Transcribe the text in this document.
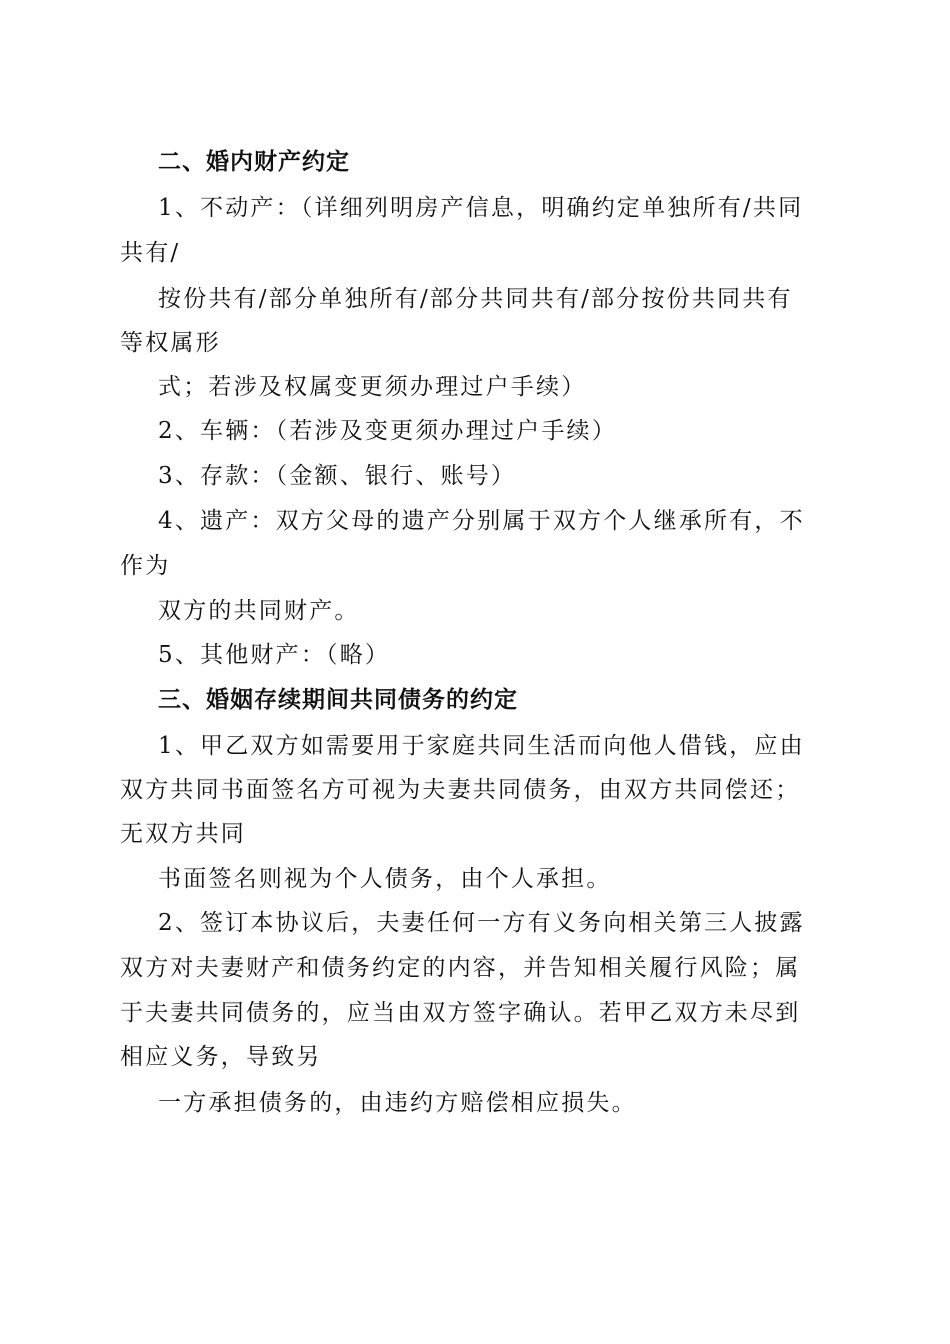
二、婚内财产约定
1、不动产：（详细列明房产信息，明确约定单独所有/共同
共有/
按份共有/部分单独所有/部分共同共有/部分按份共同共有
等权属形
式；若涉及权属变更须办理过户手续）
2、车辆：（若涉及变更须办理过户手续）
3、存款：（金额、银行、账号）
4、遗产：双方父母的遗产分别属于双方个人继承所有，不
作为
双方的共同财产。
5、其他财产：（略）
三、婚姻存续期间共同债务的约定
1、甲乙双方如需要用于家庭共同生活而向他人借钱，应由
双方共同书面签名方可视为夫妻共同债务，由双方共同偿还；
无双方共同
书面签名则视为个人债务，由个人承担。
2、签订本协议后，夫妻任何一方有义务向相关第三人披露
双方对夫妻财产和债务约定的内容，并告知相关履行风险；属
于夫妻共同债务的，应当由双方签字确认。若甲乙双方未尽到
相应义务，导致另
一方承担债务的，由违约方赔偿相应损失。
